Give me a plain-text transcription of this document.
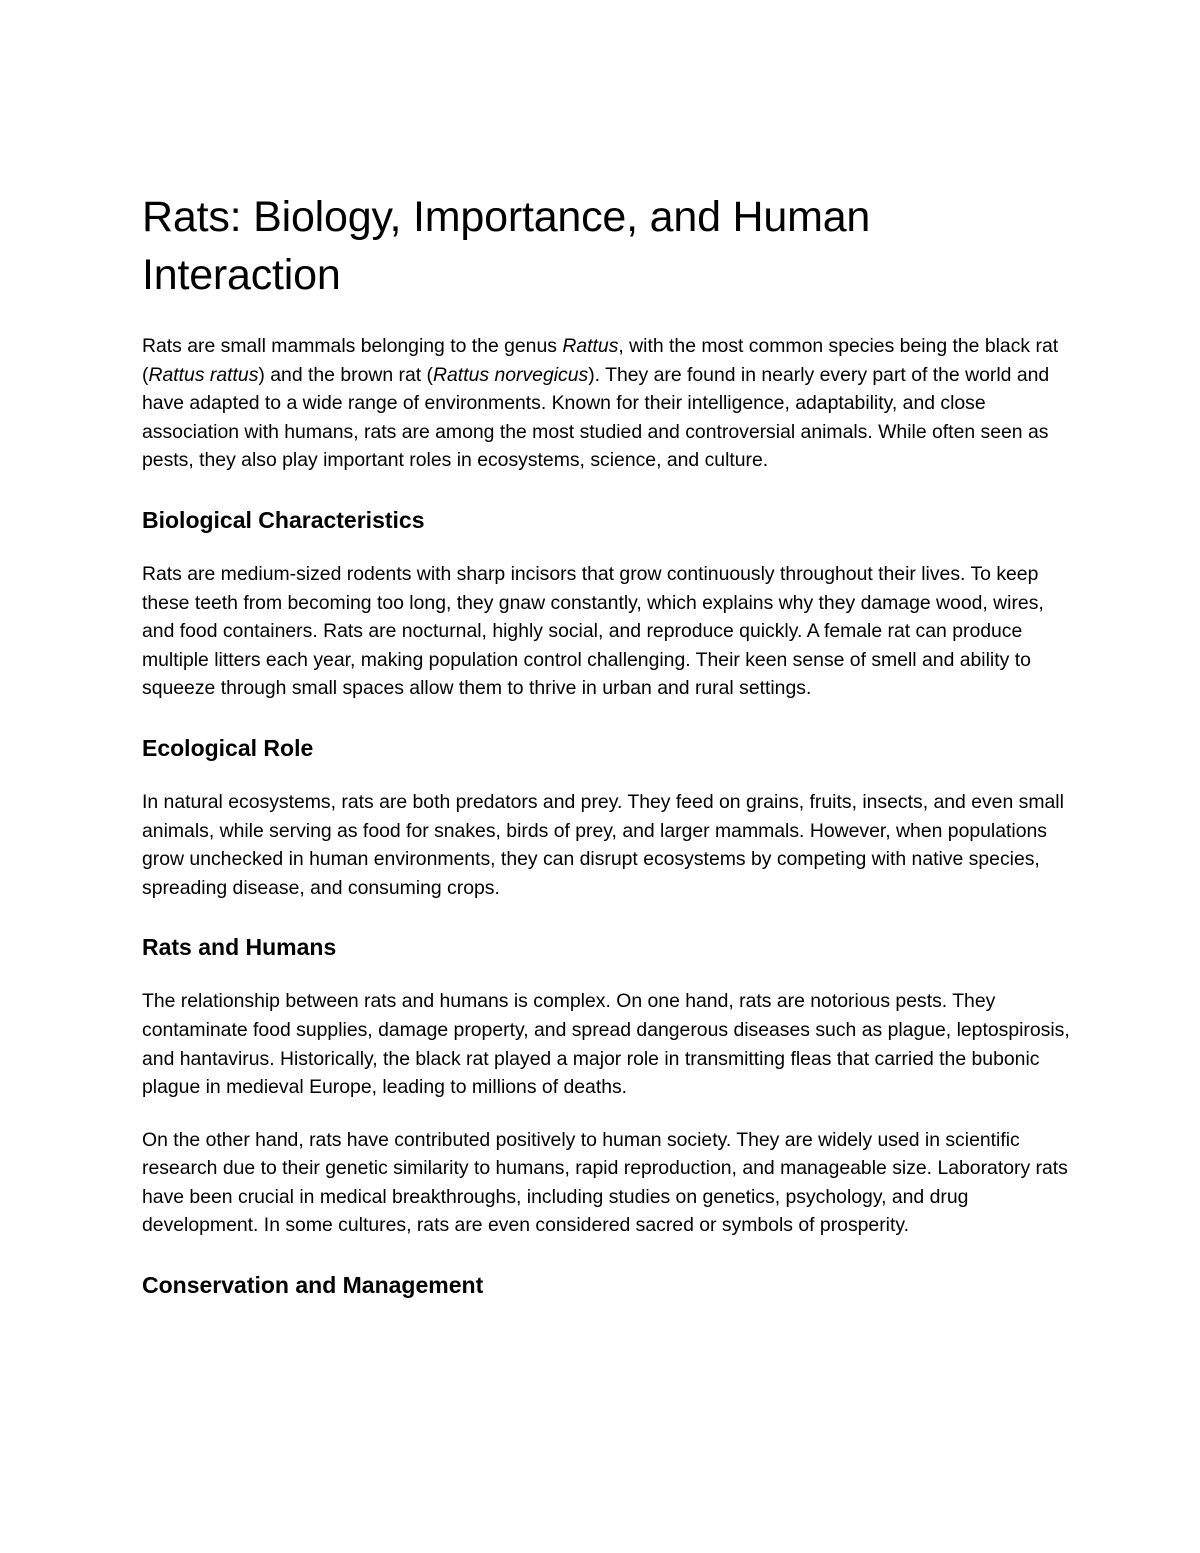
Rats: Biology, Importance, and Human Interaction

Rats are small mammals belonging to the genus Rattus, with the most common species being the black rat (Rattus rattus) and the brown rat (Rattus norvegicus). They are found in nearly every part of the world and have adapted to a wide range of environments. Known for their intelligence, adaptability, and close association with humans, rats are among the most studied and controversial animals. While often seen as pests, they also play important roles in ecosystems, science, and culture.

Biological Characteristics

Rats are medium-sized rodents with sharp incisors that grow continuously throughout their lives. To keep these teeth from becoming too long, they gnaw constantly, which explains why they damage wood, wires, and food containers. Rats are nocturnal, highly social, and reproduce quickly. A female rat can produce multiple litters each year, making population control challenging. Their keen sense of smell and ability to squeeze through small spaces allow them to thrive in urban and rural settings.

Ecological Role

In natural ecosystems, rats are both predators and prey. They feed on grains, fruits, insects, and even small animals, while serving as food for snakes, birds of prey, and larger mammals. However, when populations grow unchecked in human environments, they can disrupt ecosystems by competing with native species, spreading disease, and consuming crops.

Rats and Humans

The relationship between rats and humans is complex. On one hand, rats are notorious pests. They contaminate food supplies, damage property, and spread dangerous diseases such as plague, leptospirosis, and hantavirus. Historically, the black rat played a major role in transmitting fleas that carried the bubonic plague in medieval Europe, leading to millions of deaths.

On the other hand, rats have contributed positively to human society. They are widely used in scientific research due to their genetic similarity to humans, rapid reproduction, and manageable size. Laboratory rats have been crucial in medical breakthroughs, including studies on genetics, psychology, and drug development. In some cultures, rats are even considered sacred or symbols of prosperity.

Conservation and Management
